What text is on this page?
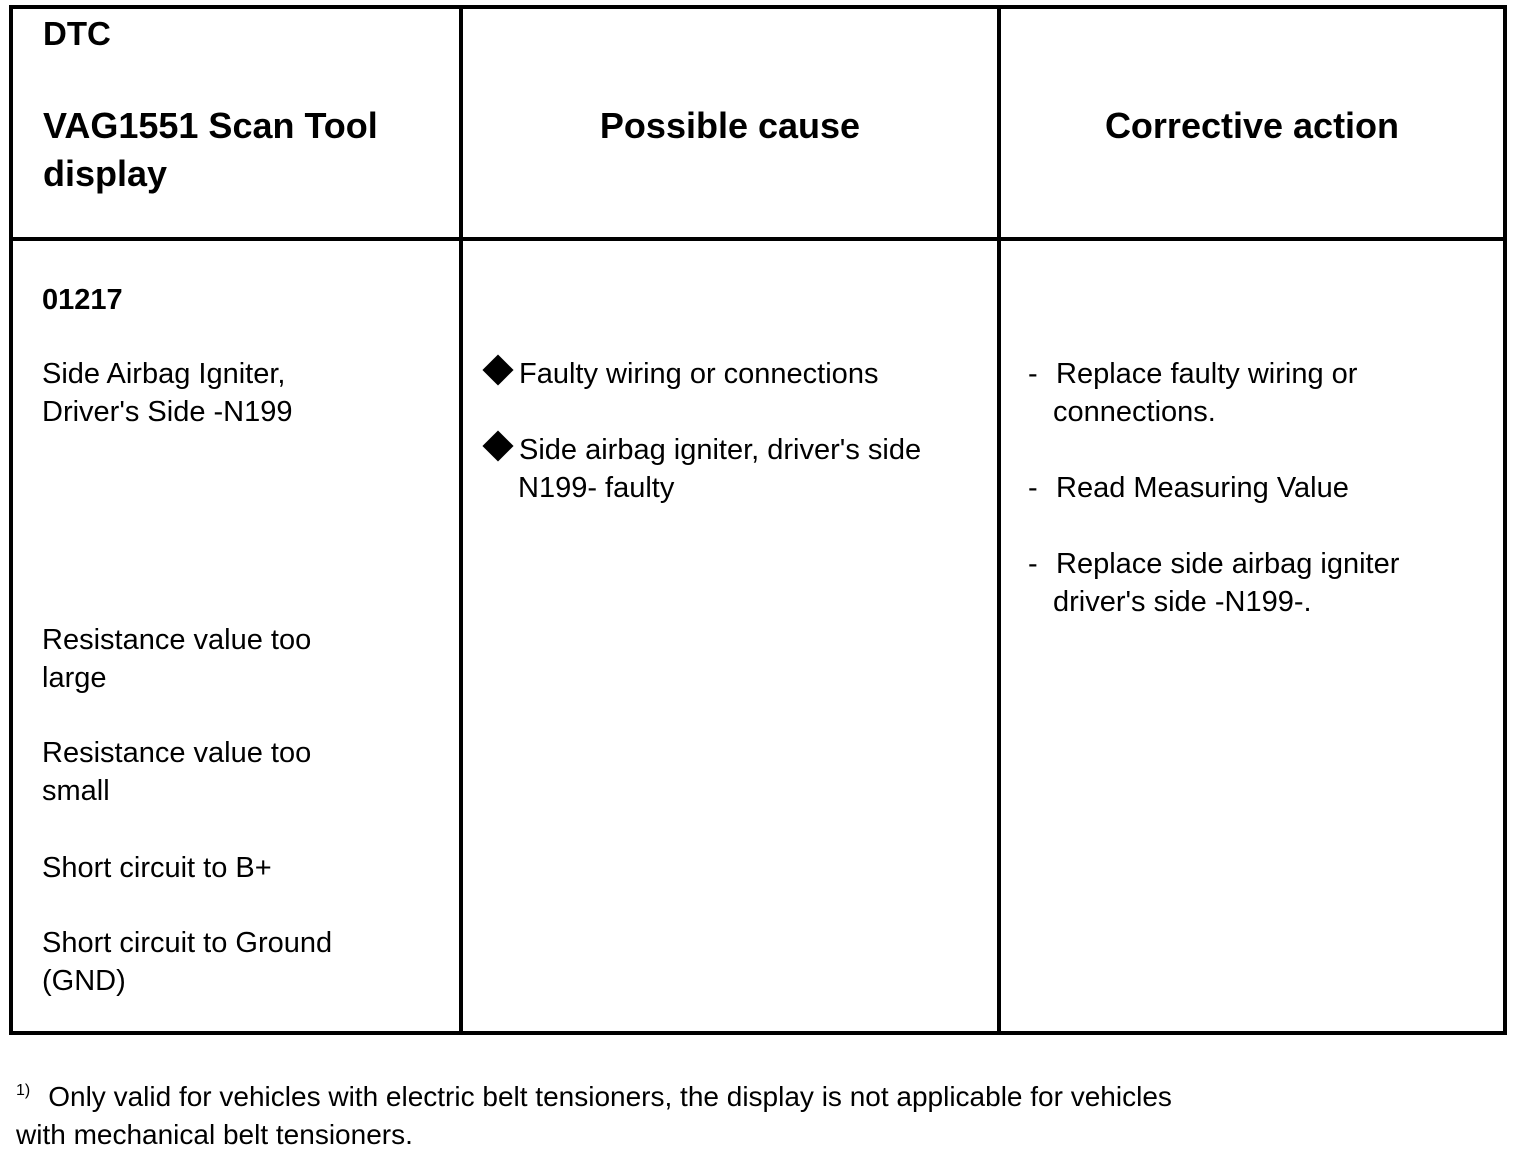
DTC
VAG1551 Scan Tool
display
Possible cause	Corrective action
01217
Side Airbag Igniter,
Driver's Side -N199
Resistance value too
large
Resistance value too
small
Short circuit to B+
Short circuit to Ground
(GND)
Faulty wiring or connections
Side airbag igniter, driver's side
N199- faulty
- Replace faulty wiring or
connections.
- Read Measuring Value
- Replace side airbag igniter
driver's side -N199-.
$^{1)}$ Only valid for vehicles with electric belt tensioners, the display is not applicable for vehicles
with mechanical belt tensioners.
